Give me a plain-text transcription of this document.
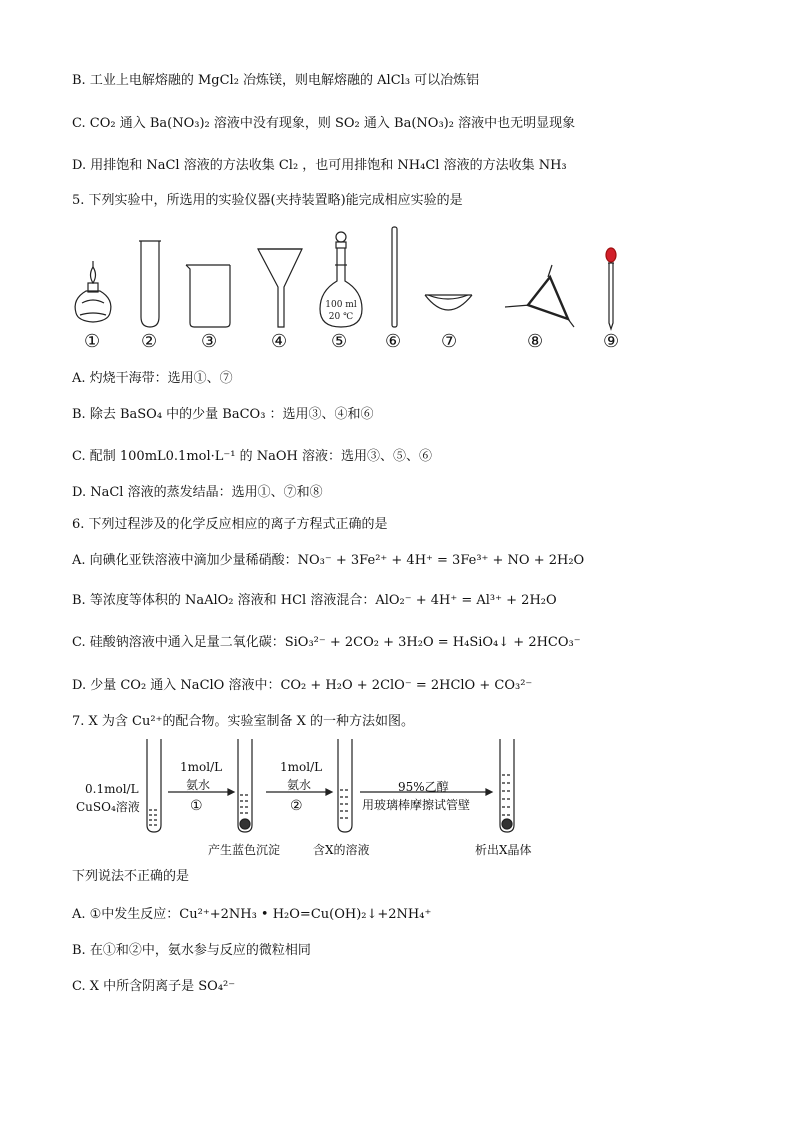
B. 工业上电解熔融的 MgCl₂ 冶炼镁，则电解熔融的 AlCl₃ 可以冶炼铝
C. CO₂ 通入 Ba(NO₃)₂ 溶液中没有现象，则 SO₂ 通入 Ba(NO₃)₂ 溶液中也无明显现象
D. 用排饱和 NaCl 溶液的方法收集 Cl₂ ，也可用排饱和 NH₄Cl 溶液的方法收集 NH₃
5. 下列实验中，所选用的实验仪器(夹持装置略)能完成相应实验的是
100 ml
20 ℃
① ② ③	④ ⑤ ⑥ ⑦	⑧	⑨
A. 灼烧干海带：选用①、⑦
B. 除去 BaSO₄ 中的少量 BaCO₃ ：选用③、④和⑥
C. 配制 100mL0.1mol·L⁻¹ 的 NaOH 溶液：选用③、⑤、⑥
D. NaCl 溶液的蒸发结晶：选用①、⑦和⑧
6. 下列过程涉及的化学反应相应的离子方程式正确的是
A. 向碘化亚铁溶液中滴加少量稀硝酸：NO₃⁻ + 3Fe²⁺ + 4H⁺ = 3Fe³⁺ + NO + 2H₂O
B. 等浓度等体积的 NaAlO₂ 溶液和 HCl 溶液混合：AlO₂⁻ + 4H⁺ = Al³⁺ + 2H₂O
C. 硅酸钠溶液中通入足量二氧化碳：SiO₃²⁻ + 2CO₂ + 3H₂O = H₄SiO₄↓ + 2HCO₃⁻
D. 少量 CO₂ 通入 NaClO 溶液中：CO₂ + H₂O + 2ClO⁻ = 2HClO + CO₃²⁻
7. X 为含 Cu²⁺的配合物。实验室制备 X 的一种方法如图。
0.1mol/L
CuSO₄溶液
1mol/L
氨水
①
1mol/L
氨水
②
95%乙醇
用玻璃棒摩擦试管壁
产生蓝色沉淀	含X的溶液	析出X晶体
下列说法不正确的是
A. ①中发生反应：Cu²⁺+2NH₃ • H₂O=Cu(OH)₂↓+2NH₄⁺
B. 在①和②中，氨水参与反应的微粒相同
C. X 中所含阴离子是 SO₄²⁻
